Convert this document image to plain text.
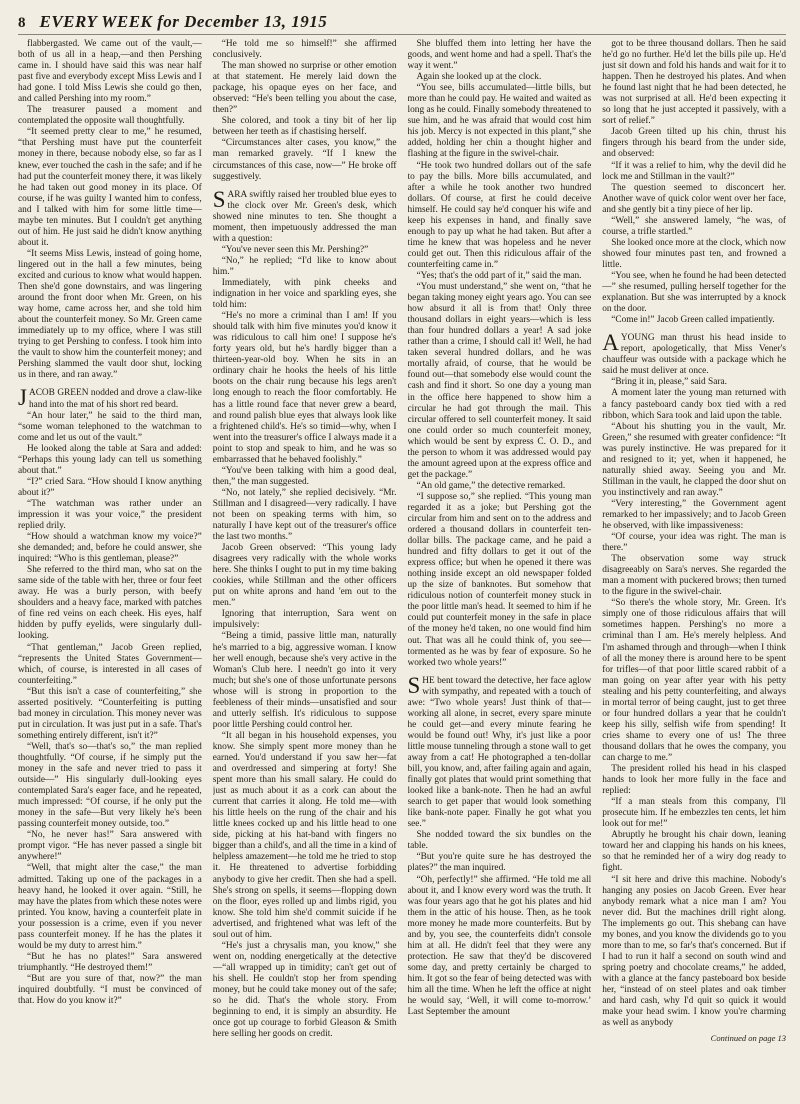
8 EVERY WEEK for December 13, 1915

flabbergasted. We came out of the vault,—both of us all in a heap,—and then Pershing came in. I should have said this was near half past five and everybody except Miss Lewis and I had gone. I told Miss Lewis she could go then, and called Pershing into my room.”

The treasurer paused a moment and contemplated the opposite wall thoughtfully.

“It seemed pretty clear to me,” he resumed, “that Pershing must have put the counterfeit money in there, because nobody else, so far as I knew, ever touched the cash in the safe; and if he had put the counterfeit money there, it was likely he had taken out good money in its place. Of course, if he was guilty I wanted him to confess, and I talked with him for some little time—maybe ten minutes. But I couldn't get anything out of him. He just said he didn't know anything about it.

“It seems Miss Lewis, instead of going home, lingered out in the hall a few minutes, being excited and curious to know what would happen. Then she'd gone downstairs, and was lingering around the front door when Mr. Green, on his way home, came across her, and she told him about the counterfeit money. So Mr. Green came immediately up to my office, where I was still trying to get Pershing to confess. I took him into the vault to show him the counterfeit money; and Pershing slammed the vault door shut, locking us in there, and ran away.”

JACOB GREEN nodded and drove a claw-like hand into the mat of his short red beard.

“An hour later,” he said to the third man, “some woman telephoned to the watchman to come and let us out of the vault.”

He looked along the table at Sara and added: “Perhaps this young lady can tell us something about that.”

“I?” cried Sara. “How should I know anything about it?”

“The watchman was rather under an impression it was your voice,” the president replied drily.

“How should a watchman know my voice?” she demanded; and, before he could answer, she inquired: “Who is this gentleman, please?”

She referred to the third man, who sat on the same side of the table with her, three or four feet away. He was a burly person, with beefy shoulders and a heavy face, marked with patches of fine red veins on each cheek. His eyes, half hidden by puffy eyelids, were singularly dull-looking.

“That gentleman,” Jacob Green replied, “represents the United States Government—which, of course, is interested in all cases of counterfeiting.”

“But this isn't a case of counterfeiting,” she asserted positively. “Counterfeiting is putting bad money in circulation. This money never was put in circulation. It was just put in a safe. That's something entirely different, isn't it?”

“Well, that's so—that's so,” the man replied thoughtfully. “Of course, if he simply put the money in the safe and never tried to pass it outside—” His singularly dull-looking eyes contemplated Sara's eager face, and he repeated, much impressed: “Of course, if he only put the money in the safe—But very likely he's been passing counterfeit money outside, too.”

“No, he never has!” Sara answered with prompt vigor. “He has never passed a single bit anywhere!”

“Well, that might alter the case,” the man admitted. Taking up one of the packages in a heavy hand, he looked it over again. “Still, he may have the plates from which these notes were printed. You know, having a counterfeit plate in your possession is a crime, even if you never pass counterfeit money. If he has the plates it would be my duty to arrest him.”

“But he has no plates!” Sara answered triumphantly. “He destroyed them!”

“But are you sure of that, now?” the man inquired doubtfully. “I must be convinced of that. How do you know it?”

“He told me so himself!” she affirmed conclusively.

The man showed no surprise or other emotion at that statement. He merely laid down the package, his opaque eyes on her face, and observed: “He's been telling you about the case, then?”

She colored, and took a tiny bit of her lip between her teeth as if chastising herself.

“Circumstances alter cases, you know,” the man remarked gravely. “If I knew the circumstances of this case, now—” He broke off suggestively.

SARA swiftly raised her troubled blue eyes to the clock over Mr. Green's desk, which showed nine minutes to ten. She thought a moment, then impetuously addressed the man with a question:

“You've never seen this Mr. Pershing?”

“No,” he replied; “I'd like to know about him.”

Immediately, with pink cheeks and indignation in her voice and sparkling eyes, she told him:

“He's no more a criminal than I am! If you should talk with him five minutes you'd know it was ridiculous to call him one! I suppose he's forty years old, but he's hardly bigger than a thirteen-year-old boy. When he sits in an ordinary chair he hooks the heels of his little boots on the chair rung because his legs aren't long enough to reach the floor comfortably. He has a little round face that never grew a beard, and round palish blue eyes that always look like a frightened child's. He's so timid—why, when I went into the treasurer's office I always made it a point to stop and speak to him, and he was so embarrassed that he behaved foolishly.”

“You've been talking with him a good deal, then,” the man suggested.

“No, not lately,” she replied decisively. “Mr. Stillman and I disagreed—very radically. I have not been on speaking terms with him, so naturally I have kept out of the treasurer's office the last two months.”

Jacob Green observed: “This young lady disagrees very radically with the whole works here. She thinks I ought to put in my time baking cookies, while Stillman and the other officers put on white aprons and hand 'em out to the men.”

Ignoring that interruption, Sara went on impulsively:

“Being a timid, passive little man, naturally he's married to a big, aggressive woman. I know her well enough, because she's very active in the Woman's Club here. I needn't go into it very much; but she's one of those unfortunate persons whose will is strong in proportion to the feebleness of their minds—unsatisfied and sour and utterly selfish. It's ridiculous to suppose poor little Pershing could control her.

“It all began in his household expenses, you know. She simply spent more money than he earned. You'd understand if you saw her—fat and overdressed and simpering at forty! She spent more than his small salary. He could do just as much about it as a cork can about the current that carries it along. He told me—with his little heels on the rung of the chair and his little knees cocked up and his little head to one side, picking at his hat-band with fingers no bigger than a child's, and all the time in a kind of helpless amazement—he told me he tried to stop it. He threatened to advertise forbidding anybody to give her credit. Then she had a spell. She's strong on spells, it seems—flopping down on the floor, eyes rolled up and limbs rigid, you know. She told him she'd commit suicide if he advertised, and frightened what was left of the soul out of him.

“He's just a chrysalis man, you know,” she went on, nodding energetically at the detective—“all wrapped up in timidity; can't get out of his shell. He couldn't stop her from spending money, but he could take money out of the safe; so he did. That's the whole story. From beginning to end, it is simply an absurdity. He once got up courage to forbid Gleason & Smith here selling her goods on credit.

She bluffed them into letting her have the goods, and went home and had a spell. That's the way it went.”

Again she looked up at the clock.

“You see, bills accumulated—little bills, but more than he could pay. He waited and waited as long as he could. Finally somebody threatened to sue him, and he was afraid that would cost him his job. Mercy is not expected in this plant,” she added, holding her chin a thought higher and flashing at the figure in the swivel-chair.

“He took two hundred dollars out of the safe to pay the bills. More bills accumulated, and after a while he took another two hundred dollars. Of course, at first he could deceive himself. He could say he'd conquer his wife and keep his expenses in hand, and finally save enough to pay up what he had taken. But after a time he knew that was hopeless and he never could get out. Then this ridiculous affair of the counterfeiting came in.”

“Yes; that's the odd part of it,” said the man.

“You must understand,” she went on, “that he began taking money eight years ago. You can see how absurd it all is from that! Only three thousand dollars in eight years—which is less than four hundred dollars a year! A sad joke rather than a crime, I should call it! Well, he had taken several hundred dollars, and he was mortally afraid, of course, that he would be found out—that somebody else would count the cash and find it short. So one day a young man in the office here happened to show him a circular he had got through the mail. This circular offered to sell counterfeit money. It said one could order so much counterfeit money, which would be sent by express C. O. D., and the person to whom it was addressed would pay the amount agreed upon at the express office and get the package.”

“An old game,” the detective remarked.

“I suppose so,” she replied. “This young man regarded it as a joke; but Pershing got the circular from him and sent on to the address and ordered a thousand dollars in counterfeit ten-dollar bills. The package came, and he paid a hundred and fifty dollars to get it out of the express office; but when he opened it there was nothing inside except an old newspaper folded up the size of banknotes. But somehow that ridiculous notion of counterfeit money stuck in the poor little man's head. It seemed to him if he could put counterfeit money in the safe in place of the money he'd taken, no one would find him out. That was all he could think of, you see—tormented as he was by fear of exposure. So he worked two whole years!”

SHE bent toward the detective, her face aglow with sympathy, and repeated with a touch of awe: “Two whole years! Just think of that—working all alone, in secret, every spare minute he could get—and every minute fearing he would be found out! Why, it's just like a poor little mouse tunneling through a stone wall to get away from a cat! He photographed a ten-dollar bill, you know, and, after failing again and again, finally got plates that would print something that looked like a bank-note. Then he had an awful search to get paper that would look something like bank-note paper. Finally he got what you see.”

She nodded toward the six bundles on the table.

“But you're quite sure he has destroyed the plates?” the man inquired.

“Oh, perfectly!” she affirmed. “He told me all about it, and I know every word was the truth. It was four years ago that he got his plates and hid them in the attic of his house. Then, as he took more money he made more counterfeits. But by and by, you see, the counterfeits didn't console him at all. He didn't feel that they were any protection. He saw that they'd be discovered some day, and pretty certainly be charged to him. It got so the fear of being detected was with him all the time. When he left the office at night he would say, ‘Well, it will come to-morrow.’ Last September the amount

got to be three thousand dollars. Then he said he'd go no further. He'd let the bills pile up. He'd just sit down and fold his hands and wait for it to happen. Then he destroyed his plates. And when he found last night that he had been detected, he was not surprised at all. He'd been expecting it so long that he just accepted it passively, with a sort of relief.”

Jacob Green tilted up his chin, thrust his fingers through his beard from the under side, and observed:

“If it was a relief to him, why the devil did he lock me and Stillman in the vault?”

The question seemed to disconcert her. Another wave of quick color went over her face, and she gently bit a tiny piece of her lip.

“Well,” she answered lamely, “he was, of course, a trifle startled.”

She looked once more at the clock, which now showed four minutes past ten, and frowned a little.

“You see, when he found he had been detected—” she resumed, pulling herself together for the explanation. But she was interrupted by a knock on the door.

“Come in!” Jacob Green called impatiently.

AYOUNG man thrust his head inside to report, apologetically, that Miss Vener's chauffeur was outside with a package which he said he must deliver at once.

“Bring it in, please,” said Sara.

A moment later the young man returned with a fancy pasteboard candy box tied with a red ribbon, which Sara took and laid upon the table.

“About his shutting you in the vault, Mr. Green,” she resumed with greater confidence: “It was purely instinctive. He was prepared for it and resigned to it; yet, when it happened, he naturally shied away. Seeing you and Mr. Stillman in the vault, he clapped the door shut on you instinctively and ran away.”

“Very interesting,” the Government agent remarked to her impassively; and to Jacob Green he observed, with like impassiveness:

“Of course, your idea was right. The man is there.”

The observation some way struck disagreeably on Sara's nerves. She regarded the man a moment with puckered brows; then turned to the figure in the swivel-chair.

“So there's the whole story, Mr. Green. It's simply one of those ridiculous affairs that will sometimes happen. Pershing's no more a criminal than I am. He's merely helpless. And I'm ashamed through and through—when I think of all the money there is around here to be spent for trifles—of that poor little scared rabbit of a man going on year after year with his petty stealing and his petty counterfeiting, and always in mortal terror of being caught, just to get three or four hundred dollars a year that he couldn't keep his silly, selfish wife from spending! It cries shame to every one of us! The three thousand dollars that he owes the company, you can charge to me.”

The president rolled his head in his clasped hands to look her more fully in the face and replied:

“If a man steals from this company, I'll prosecute him. If he embezzles ten cents, let him look out for me!”

Abruptly he brought his chair down, leaning toward her and clapping his hands on his knees, so that he reminded her of a wiry dog ready to fight.

“I sit here and drive this machine. Nobody's hanging any posies on Jacob Green. Ever hear anybody remark what a nice man I am? You never did. But the machines drill right along. The implements go out. This shebang can have my bones, and you know the dividends go to you more than to me, so far's that's concerned. But if I had to run it half a second on south wind and spring poetry and chocolate creams,” he added, with a glance at the fancy pasteboard box beside her, “instead of on steel plates and oak timber and hard cash, why I'd quit so quick it would make your head swim. I know you're charming as well as anybody

Continued on page 13
